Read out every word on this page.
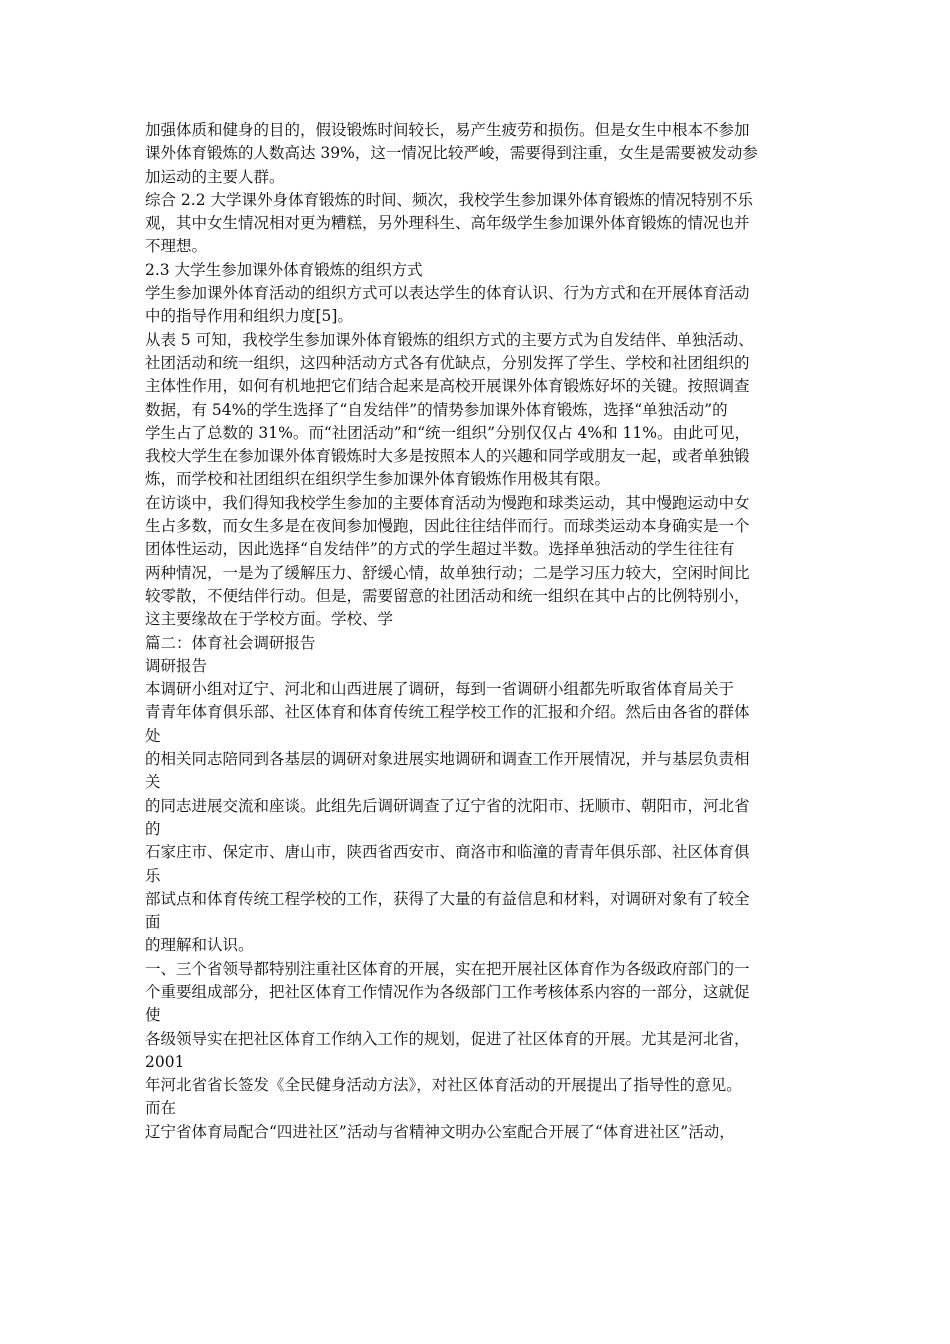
加强体质和健身的目的，假设锻炼时间较长，易产生疲劳和损伤。但是女生中根本不参加
课外体育锻炼的人数高达 39%，这一情况比较严峻，需要得到注重，女生是需要被发动参
加运动的主要人群。
综合 2.2 大学课外身体育锻炼的时间、频次，我校学生参加课外体育锻炼的情况特别不乐
观，其中女生情况相对更为糟糕，另外理科生、高年级学生参加课外体育锻炼的情况也并
不理想。
2.3 大学生参加课外体育锻炼的组织方式
学生参加课外体育活动的组织方式可以表达学生的体育认识、行为方式和在开展体育活动
中的指导作用和组织力度[5]。
从表 5 可知，我校学生参加课外体育锻炼的组织方式的主要方式为自发结伴、单独活动、
社团活动和统一组织，这四种活动方式各有优缺点，分别发挥了学生、学校和社团组织的
主体性作用，如何有机地把它们结合起来是高校开展课外体育锻炼好坏的关键。按照调查
数据，有 54%的学生选择了“自发结伴”的情势参加课外体育锻炼，选择“单独活动”的
学生占了总数的 31%。而“社团活动”和“统一组织”分别仅仅占 4%和 11%。由此可见，
我校大学生在参加课外体育锻炼时大多是按照本人的兴趣和同学或朋友一起，或者单独锻
炼，而学校和社团组织在组织学生参加课外体育锻炼作用极其有限。
在访谈中，我们得知我校学生参加的主要体育活动为慢跑和球类运动，其中慢跑运动中女
生占多数，而女生多是在夜间参加慢跑，因此往往结伴而行。而球类运动本身确实是一个
团体性运动，因此选择“自发结伴”的方式的学生超过半数。选择单独活动的学生往往有
两种情况，一是为了缓解压力、舒缓心情，故单独行动；二是学习压力较大，空闲时间比
较零散，不便结伴行动。但是，需要留意的社团活动和统一组织在其中占的比例特别小，
这主要缘故在于学校方面。学校、学
篇二：体育社会调研报告
调研报告
本调研小组对辽宁、河北和山西进展了调研，每到一省调研小组都先听取省体育局关于
青青年体育俱乐部、社区体育和体育传统工程学校工作的汇报和介绍。然后由各省的群体
处
的相关同志陪同到各基层的调研对象进展实地调研和调查工作开展情况，并与基层负责相
关
的同志进展交流和座谈。此组先后调研调查了辽宁省的沈阳市、抚顺市、朝阳市，河北省
的
石家庄市、保定市、唐山市，陕西省西安市、商洛市和临潼的青青年俱乐部、社区体育俱
乐
部试点和体育传统工程学校的工作，获得了大量的有益信息和材料，对调研对象有了较全
面
的理解和认识。
一、三个省领导都特别注重社区体育的开展，实在把开展社区体育作为各级政府部门的一
个重要组成部分，把社区体育工作情况作为各级部门工作考核体系内容的一部分，这就促
使
各级领导实在把社区体育工作纳入工作的规划，促进了社区体育的开展。尤其是河北省，
2001
年河北省省长签发《全民健身活动方法》，对社区体育活动的开展提出了指导性的意见。
而在
辽宁省体育局配合“四进社区”活动与省精神文明办公室配合开展了“体育进社区”活动，
